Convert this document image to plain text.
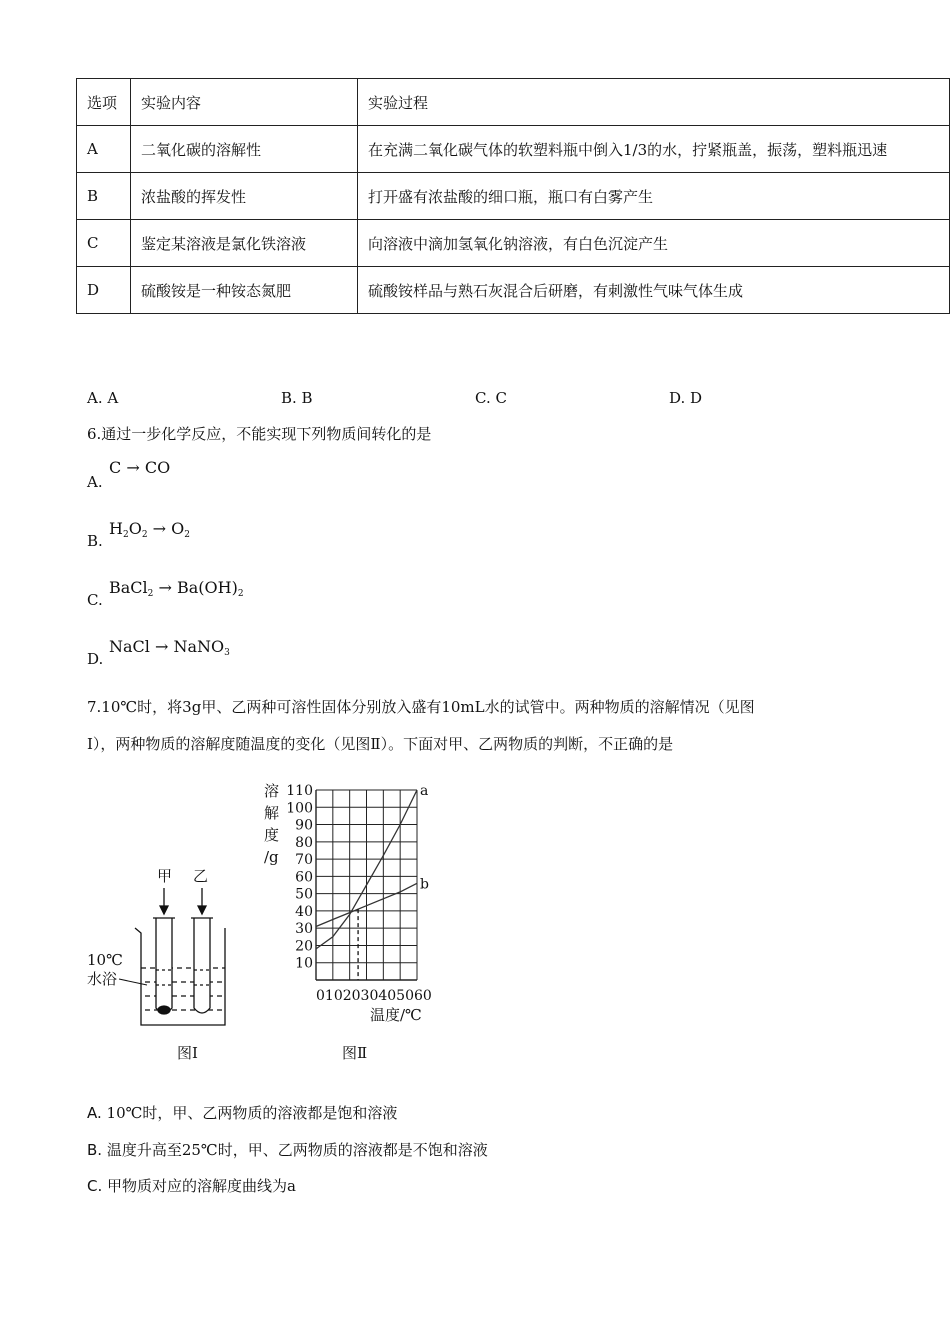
选项	实验内容	实验过程
A	二氧化碳的溶解性	在充满二氧化碳气体的软塑料瓶中倒入1/3的水，拧紧瓶盖，振荡，塑料瓶迅速
B	浓盐酸的挥发性	打开盛有浓盐酸的细口瓶，瓶口有白雾产生
C	鉴定某溶液是氯化铁溶液	向溶液中滴加氢氧化钠溶液，有白色沉淀产生
D	硫酸铵是一种铵态氮肥	硫酸铵样品与熟石灰混合后研磨，有刺激性气味气体生成
A. A	B. B	C. C	D. D
6.通过一步化学反应，不能实现下列物质间转化的是
A.
C → CO
B.
$H_2O_2 \to O_2$
C.
BaCl$_2$ → $Ba(OH)_2$
D.
NaCl → NaNO$_3$
7.10℃时，将3g甲、乙两种可溶性固体分别放入盛有10mL水的试管中。两种物质的溶解情况（见图
I），两种物质的溶解度随温度的变化（见图Ⅱ）。下面对甲、乙两物质的判断，不正确的是
甲 乙
10℃
水浴
图Ⅰ
溶
解
度
/g
10
20
30
40
50
60
70
80
90
100
110	a
b
0102030405060
温度/℃
图Ⅱ
A. 10℃时，甲、乙两物质的溶液都是饱和溶液
B. 温度升高至25℃时，甲、乙两物质的溶液都是不饱和溶液
C. 甲物质对应的溶解度曲线为a
